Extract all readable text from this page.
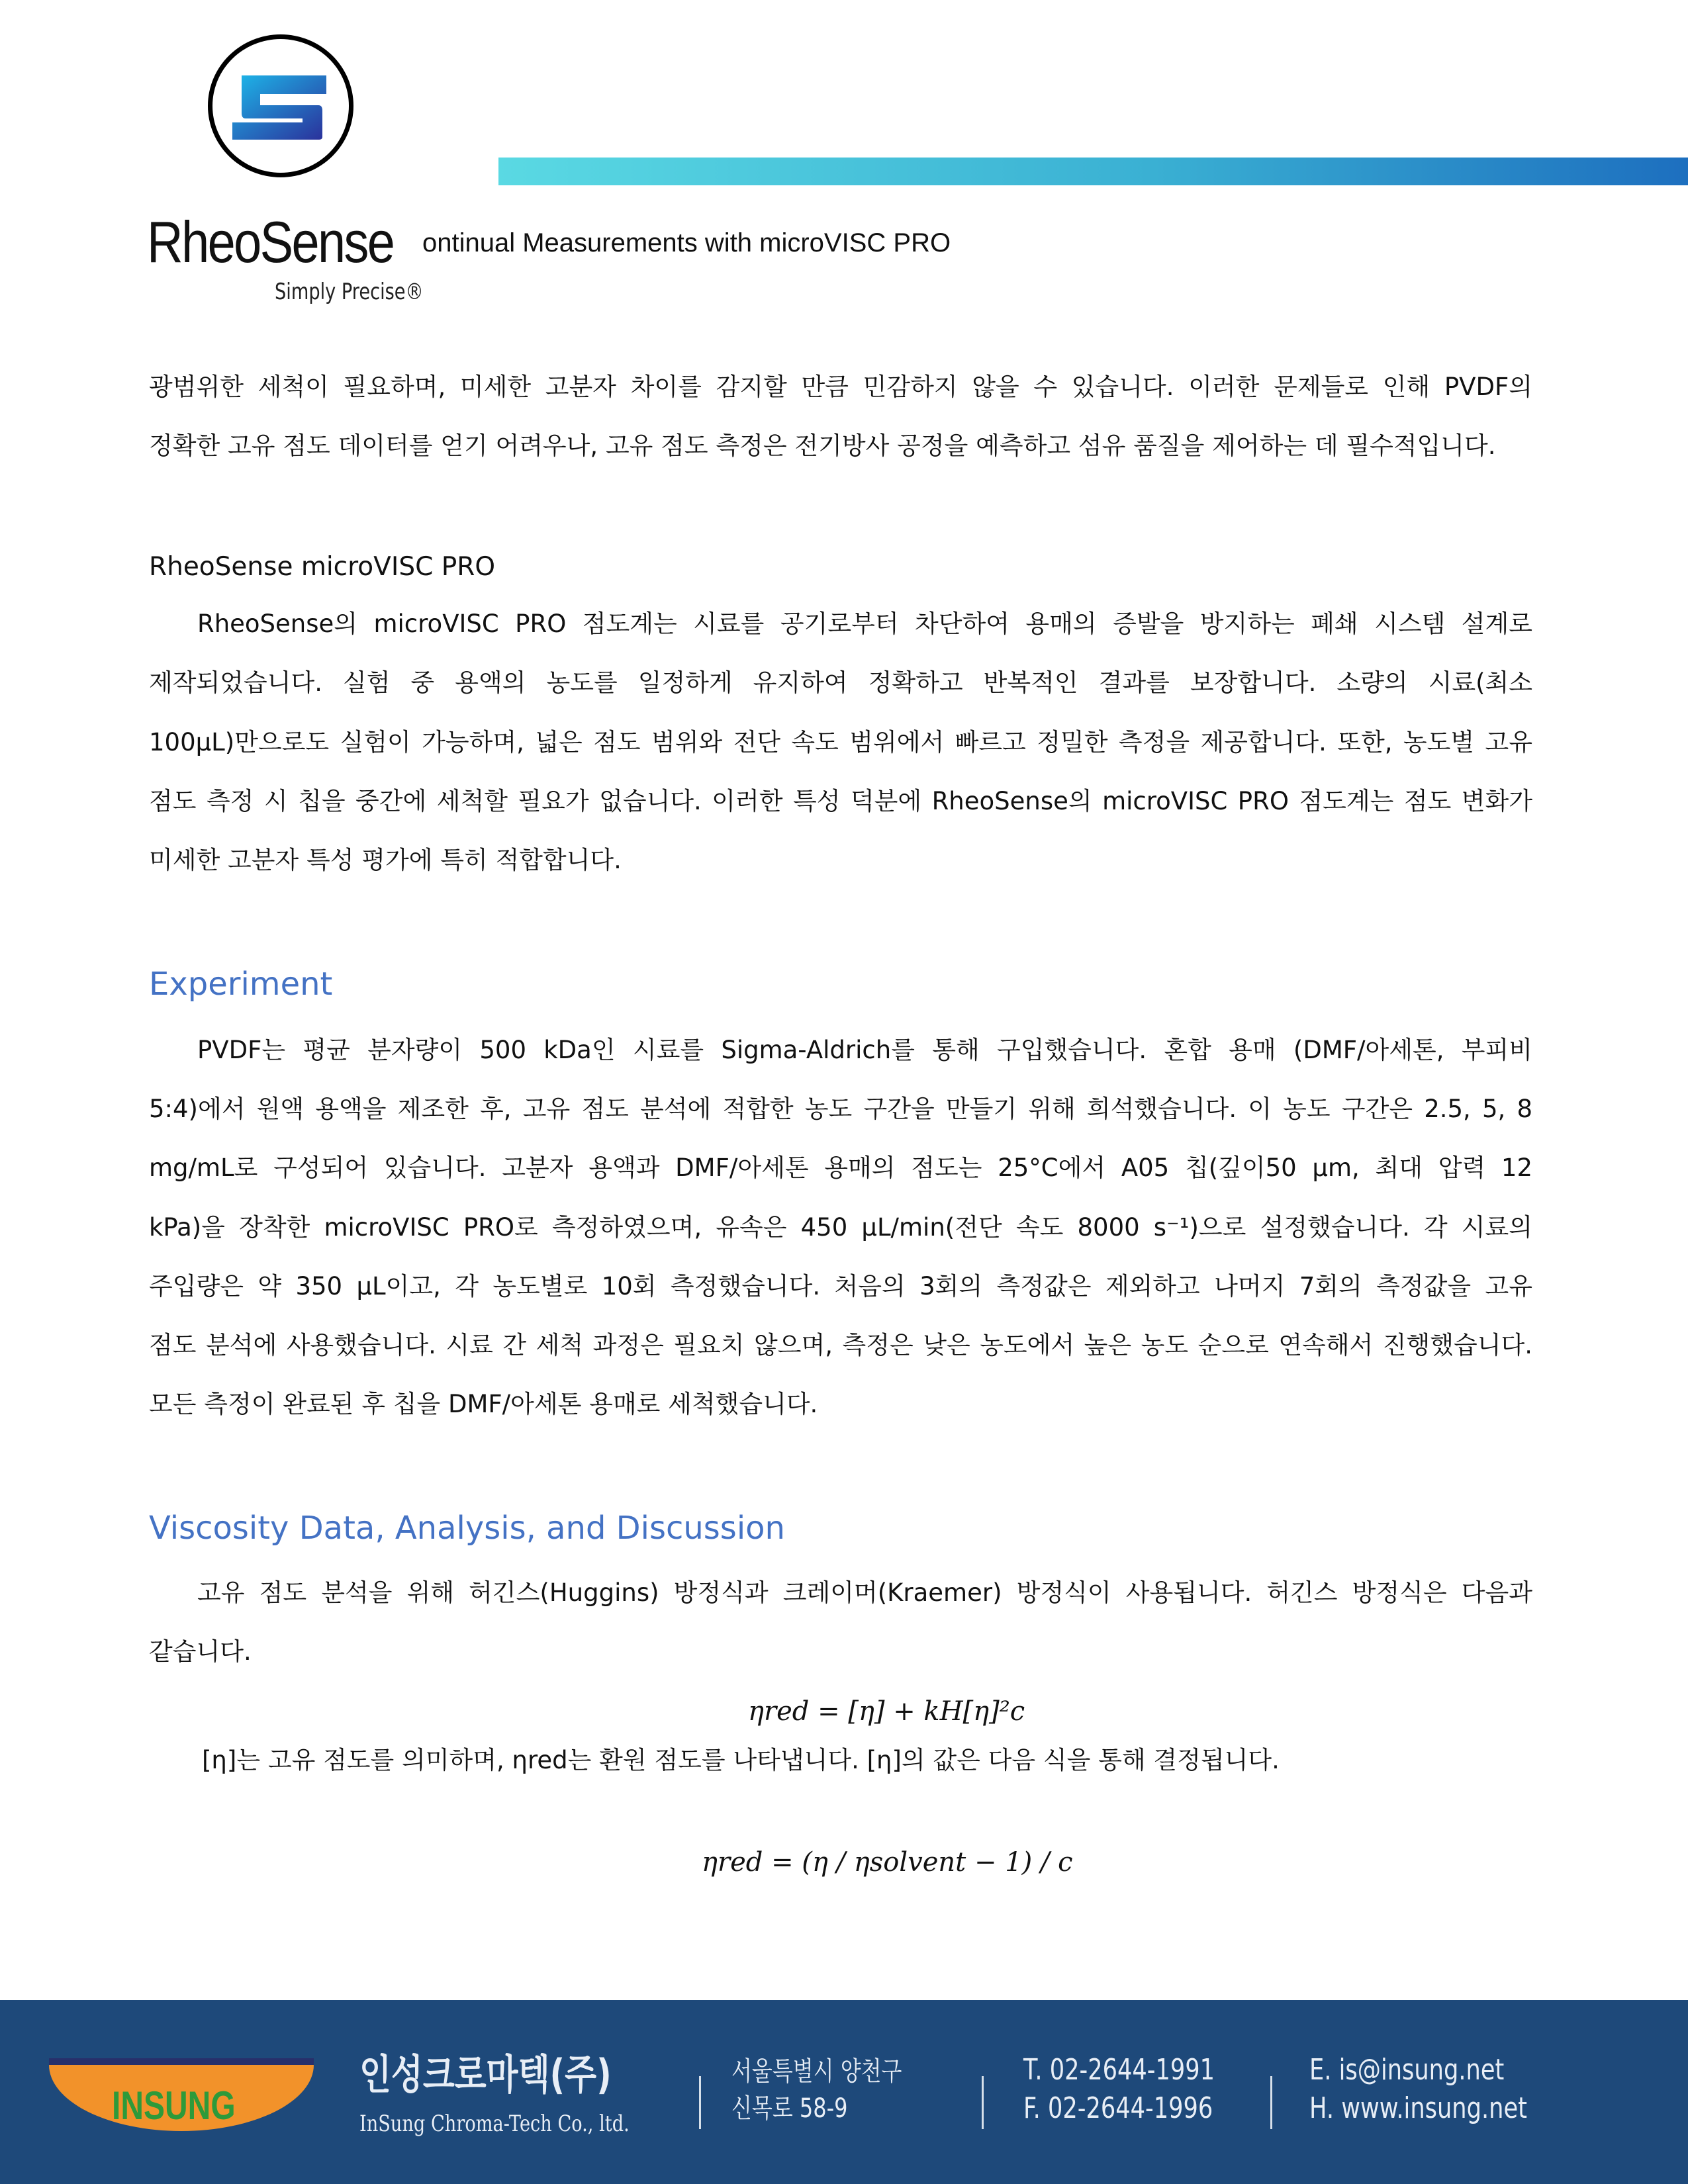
RheoSense
Simply Precise®
ontinual Measurements with microVISC PRO
광범위한 세척이 필요하며, 미세한 고분자 차이를 감지할 만큼 민감하지 않을 수 있습니다. 이러한 문제들로 인해 PVDF의
정확한 고유 점도 데이터를 얻기 어려우나, 고유 점도 측정은 전기방사 공정을 예측하고 섬유 품질을 제어하는 데 필수적입니다.
RheoSense microVISC PRO
RheoSense의 microVISC PRO 점도계는 시료를 공기로부터 차단하여 용매의 증발을 방지하는 폐쇄 시스템 설계로
제작되었습니다. 실험 중 용액의 농도를 일정하게 유지하여 정확하고 반복적인 결과를 보장합니다. 소량의 시료(최소
100μL)만으로도 실험이 가능하며, 넓은 점도 범위와 전단 속도 범위에서 빠르고 정밀한 측정을 제공합니다. 또한, 농도별 고유
점도 측정 시 칩을 중간에 세척할 필요가 없습니다. 이러한 특성 덕분에 RheoSense의 microVISC PRO 점도계는 점도 변화가
미세한 고분자 특성 평가에 특히 적합합니다.
Experiment
PVDF는 평균 분자량이 500 kDa인 시료를 Sigma-Aldrich를 통해 구입했습니다. 혼합 용매 (DMF/아세톤, 부피비
5:4)에서 원액 용액을 제조한 후, 고유 점도 분석에 적합한 농도 구간을 만들기 위해 희석했습니다. 이 농도 구간은 2.5, 5, 8
mg/mL로 구성되어 있습니다. 고분자 용액과 DMF/아세톤 용매의 점도는 25°C에서 A05 칩(깊이50 μm, 최대 압력 12
kPa)을 장착한 microVISC PRO로 측정하였으며, 유속은 450 μL/min(전단 속도 8000 s⁻¹)으로 설정했습니다. 각 시료의
주입량은 약 350 μL이고, 각 농도별로 10회 측정했습니다. 처음의 3회의 측정값은 제외하고 나머지 7회의 측정값을 고유
점도 분석에 사용했습니다. 시료 간 세척 과정은 필요치 않으며, 측정은 낮은 농도에서 높은 농도 순으로 연속해서 진행했습니다.
모든 측정이 완료된 후 칩을 DMF/아세톤 용매로 세척했습니다.
Viscosity Data, Analysis, and Discussion
고유 점도 분석을 위해 허긴스(Huggins) 방정식과 크레이머(Kraemer) 방정식이 사용됩니다. 허긴스 방정식은 다음과
같습니다.
ηred = [η] + kH[η]²c
[η]는 고유 점도를 의미하며, ηred는 환원 점도를 나타냅니다. [η]의 값은 다음 식을 통해 결정됩니다.
ηred = (η / ηsolvent − 1) / c
INSUNG
인성크로마텍(주)
InSung Chroma-Tech Co., ltd.
서울특별시 양천구
신목로 58-9
T. 02-2644-1991
F. 02-2644-1996
E. is@insung.net
H. www.insung.net
